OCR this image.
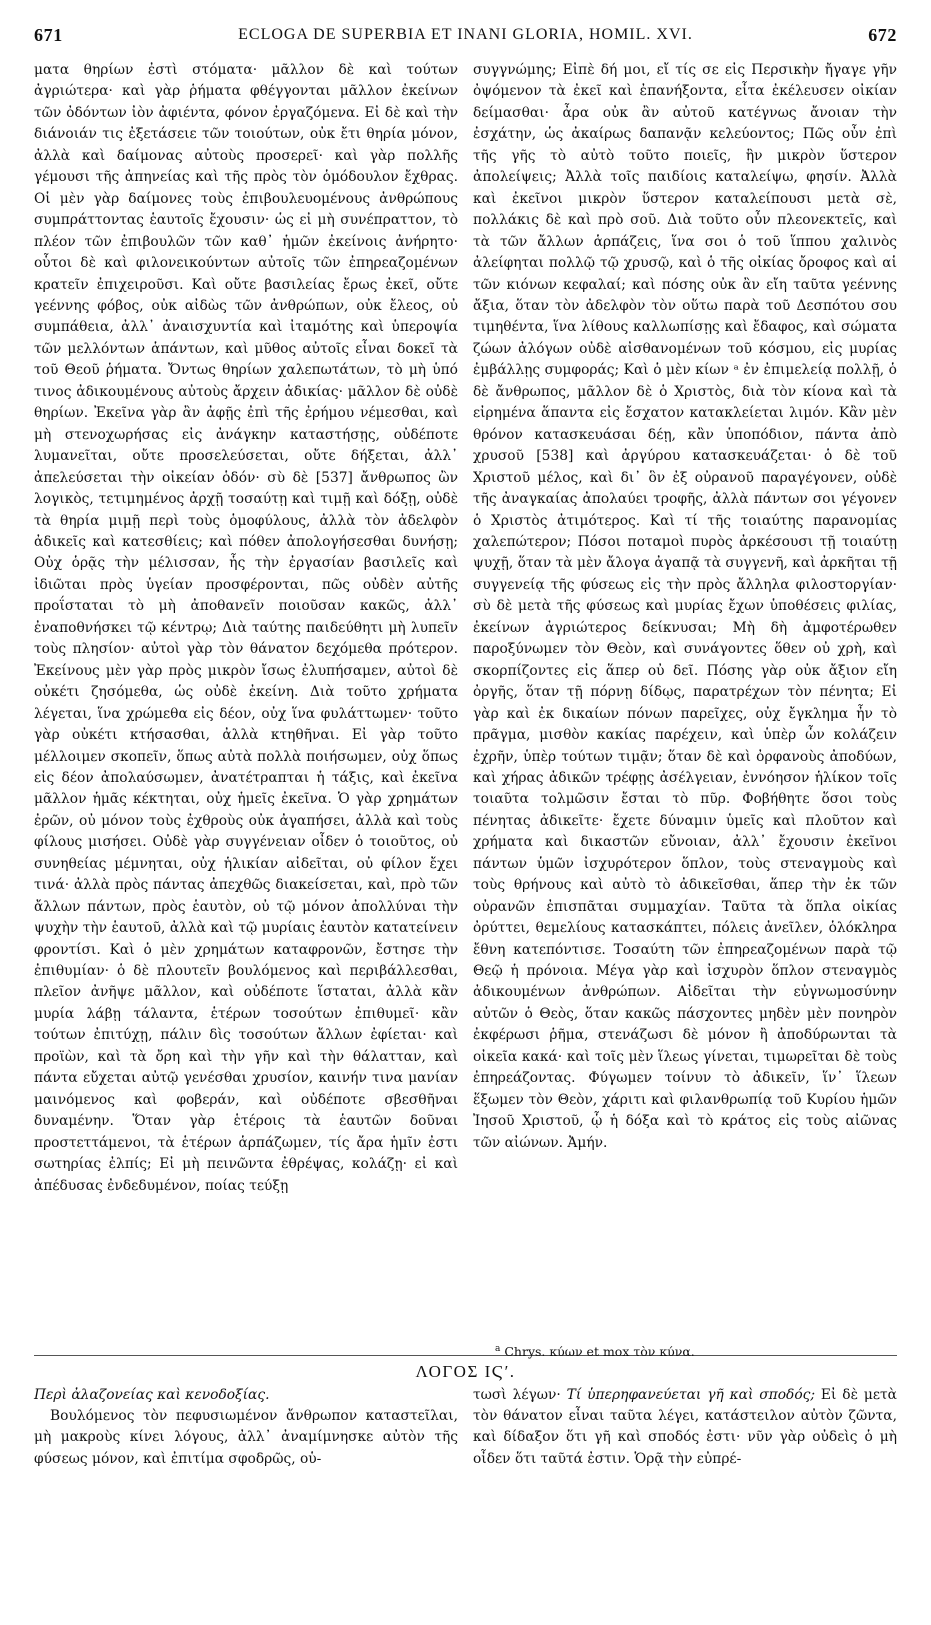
671	ECLOGA DE SUPERBIA ET INANI GLORIA, HOMIL. XVI.	672

ματα θηρίων ἐστὶ στόματα· μᾶλλον δὲ καὶ τούτων ἀγριώτερα· καὶ γὰρ ῥήματα φθέγγονται μᾶλλον ἐκείνων τῶν ὀδόντων ἰὸν ἀφιέντα, φόνον ἐργαζόμενα. Εἰ δὲ καὶ τὴν διάνοιάν τις ἐξετάσειε τῶν τοιούτων, οὐκ ἔτι θηρία μόνον, ἀλλὰ καὶ δαίμονας αὐτοὺς προσερεῖ· καὶ γὰρ πολλῆς γέμουσι τῆς ἀπηνείας καὶ τῆς πρὸς τὸν ὁμόδουλον ἔχθρας. Οἱ μὲν γὰρ δαίμονες τοὺς ἐπιβουλευομένους ἀνθρώπους συμπράττοντας ἑαυτοῖς ἔχουσιν· ὡς εἰ μὴ συνέπραττον, τὸ πλέον τῶν ἐπιβουλῶν τῶν καθ᾽ ἡμῶν ἐκείνοις ἀνήρητο· οὗτοι δὲ καὶ φιλονεικούντων αὐτοῖς τῶν ἐπηρεαζομένων κρατεῖν ἐπιχειροῦσι. Καὶ οὔτε βασιλείας ἔρως ἐκεῖ, οὔτε γεέννης φόβος, οὐκ αἰδὼς τῶν ἀνθρώπων, οὐκ ἔλεος, οὐ συμπάθεια, ἀλλ᾽ ἀναισχυντία καὶ ἰταμότης καὶ ὑπεροψία τῶν μελλόντων ἁπάντων, καὶ μῦθος αὐτοῖς εἶναι δοκεῖ τὰ τοῦ Θεοῦ ῥήματα. Ὄντως θηρίων χαλεπωτάτων, τὸ μὴ ὑπό τινος ἀδικουμένους αὐτοὺς ἄρχειν ἀδικίας· μᾶλλον δὲ οὐδὲ θηρίων. Ἐκεῖνα γὰρ ἂν ἀφῇς ἐπὶ τῆς ἐρήμου νέμεσθαι, καὶ μὴ στενοχωρήσας εἰς ἀνάγκην καταστήσῃς, οὐδέποτε λυμανεῖται, οὔτε προσελεύσεται, οὔτε δήξεται, ἀλλ᾽ ἀπελεύσεται τὴν οἰκείαν ὁδόν· σὺ δὲ [537] ἄνθρωπος ὢν λογικὸς, τετιμημένος ἀρχῇ τοσαύτῃ καὶ τιμῇ καὶ δόξῃ, οὐδὲ τὰ θηρία μιμῇ περὶ τοὺς ὁμοφύλους, ἀλλὰ τὸν ἀδελφὸν ἀδικεῖς καὶ κατεσθίεις; καὶ πόθεν ἀπολογήσεσθαι δυνήσῃ; Οὐχ ὁρᾷς τὴν μέλισσαν, ἧς τὴν ἐργασίαν βασιλεῖς καὶ ἰδιῶται πρὸς ὑγείαν προσφέρονται, πῶς οὐδὲν αὐτῆς προΐσταται τὸ μὴ ἀποθανεῖν ποιοῦσαν κακῶς, ἀλλ᾽ ἐναποθνήσκει τῷ κέντρῳ; Διὰ ταύτης παιδεύθητι μὴ λυπεῖν τοὺς πλησίον· αὐτοὶ γὰρ τὸν θάνατον δεχόμεθα πρότερον. Ἐκείνους μὲν γὰρ πρὸς μικρὸν ἴσως ἐλυπήσαμεν, αὐτοὶ δὲ οὐκέτι ζησόμεθα, ὡς οὐδὲ ἐκείνη. Διὰ τοῦτο χρήματα λέγεται, ἵνα χρώμεθα εἰς δέον, οὐχ ἵνα φυλάττωμεν· τοῦτο γὰρ οὐκέτι κτήσασθαι, ἀλλὰ κτηθῆναι. Εἰ γὰρ τοῦτο μέλλοιμεν σκοπεῖν, ὅπως αὐτὰ πολλὰ ποιήσωμεν, οὐχ ὅπως εἰς δέον ἀπολαύσωμεν, ἀνατέτραπται ἡ τάξις, καὶ ἐκεῖνα μᾶλλον ἡμᾶς κέκτηται, οὐχ ἡμεῖς ἐκεῖνα. Ὁ γὰρ χρημάτων ἐρῶν, οὐ μόνον τοὺς ἐχθροὺς οὐκ ἀγαπήσει, ἀλλὰ καὶ τοὺς φίλους μισήσει. Οὐδὲ γὰρ συγγένειαν οἶδεν ὁ τοιοῦτος, οὐ συνηθείας μέμνηται, οὐχ ἡλικίαν αἰδεῖται, οὐ φίλον ἔχει τινά· ἀλλὰ πρὸς πάντας ἀπεχθῶς διακείσεται, καὶ, πρὸ τῶν ἄλλων πάντων, πρὸς ἑαυτὸν, οὐ τῷ μόνον ἀπολλύναι τὴν ψυχὴν τὴν ἑαυτοῦ, ἀλλὰ καὶ τῷ μυρίαις ἑαυτὸν κατατείνειν φροντίσι. Καὶ ὁ μὲν χρημάτων καταφρονῶν, ἔστησε τὴν ἐπιθυμίαν· ὁ δὲ πλουτεῖν βουλόμενος καὶ περιβάλλεσθαι, πλεῖον ἀνῆψε μᾶλλον, καὶ οὐδέποτε ἵσταται, ἀλλὰ κἂν μυρία λάβῃ τάλαντα, ἑτέρων τοσούτων ἐπιθυμεῖ· κἂν τούτων ἐπιτύχῃ, πάλιν δὶς τοσούτων ἄλλων ἐφίεται· καὶ προϊὼν, καὶ τὰ ὄρη καὶ τὴν γῆν καὶ τὴν θάλατταν, καὶ πάντα εὔχεται αὐτῷ γενέσθαι χρυσίον, καινήν τινα μανίαν μαινόμενος καὶ φοβεράν, καὶ οὐδέποτε σβεσθῆναι δυναμένην. Ὅταν γὰρ ἑτέροις τὰ ἑαυτῶν δοῦναι προστεττάμενοι, τὰ ἑτέρων ἁρπάζωμεν, τίς ἄρα ἡμῖν ἐστι σωτηρίας ἐλπίς; Εἰ μὴ πεινῶντα ἐθρέψας, κολάζῃ· εἰ καὶ ἀπέδυσας ἐνδεδυμένον, ποίας τεύξῃ

συγγνώμης; Εἰπὲ δή μοι, εἴ τίς σε εἰς Περσικὴν ἤγαγε γῆν ὀψόμενον τὰ ἐκεῖ καὶ ἐπανήξοντα, εἶτα ἐκέλευσεν οἰκίαν δείμασθαι· ἆρα οὐκ ἂν αὐτοῦ κατέγνως ἄνοιαν τὴν ἐσχάτην, ὡς ἀκαίρως δαπανᾷν κελεύοντος; Πῶς οὖν ἐπὶ τῆς γῆς τὸ αὐτὸ τοῦτο ποιεῖς, ἣν μικρὸν ὕστερον ἀπολείψεις; Ἀλλὰ τοῖς παιδίοις καταλείψω, φησίν. Ἀλλὰ καὶ ἐκεῖνοι μικρὸν ὕστερον καταλείπουσι μετὰ σὲ, πολλάκις δὲ καὶ πρὸ σοῦ. Διὰ τοῦτο οὖν πλεονεκτεῖς, καὶ τὰ τῶν ἄλλων ἁρπάζεις, ἵνα σοι ὁ τοῦ ἵππου χαλινὸς ἀλείφηται πολλῷ τῷ χρυσῷ, καὶ ὁ τῆς οἰκίας ὄροφος καὶ αἱ τῶν κιόνων κεφαλαί; καὶ πόσης οὐκ ἂν εἴη ταῦτα γεέννης ἄξια, ὅταν τὸν ἀδελφὸν τὸν οὕτω παρὰ τοῦ Δεσπότου σου τιμηθέντα, ἵνα λίθους καλλωπίσῃς καὶ ἔδαφος, καὶ σώματα ζώων ἀλόγων οὐδὲ αἰσθανομένων τοῦ κόσμου, εἰς μυρίας ἐμβάλλῃς συμφοράς; Καὶ ὁ μὲν κίων ᵃ ἐν ἐπιμελείᾳ πολλῇ, ὁ δὲ ἄνθρωπος, μᾶλλον δὲ ὁ Χριστὸς, διὰ τὸν κίονα καὶ τὰ εἰρημένα ἅπαντα εἰς ἔσχατον κατακλείεται λιμόν. Κἂν μὲν θρόνον κατασκευάσαι δέῃ, κἂν ὑποπόδιον, πάντα ἀπὸ χρυσοῦ [538] καὶ ἀργύρου κατασκευάζεται· ὁ δὲ τοῦ Χριστοῦ μέλος, καὶ δι᾽ ὃν ἐξ οὐρανοῦ παραγέγονεν, οὐδὲ τῆς ἀναγκαίας ἀπολαύει τροφῆς, ἀλλὰ πάντων σοι γέγονεν ὁ Χριστὸς ἀτιμότερος. Καὶ τί τῆς τοιαύτης παρανομίας χαλεπώτερον; Πόσοι ποταμοὶ πυρὸς ἀρκέσουσι τῇ τοιαύτῃ ψυχῇ, ὅταν τὰ μὲν ἄλογα ἀγαπᾷ τὰ συγγενῆ, καὶ ἀρκῆται τῇ συγγενείᾳ τῆς φύσεως εἰς τὴν πρὸς ἄλληλα φιλοστοργίαν· σὺ δὲ μετὰ τῆς φύσεως καὶ μυρίας ἔχων ὑποθέσεις φιλίας, ἐκείνων ἀγριώτερος δείκνυσαι; Μὴ δὴ ἀμφοτέρωθεν παροξύνωμεν τὸν Θεὸν, καὶ συνάγοντες ὅθεν οὐ χρὴ, καὶ σκορπίζοντες εἰς ἅπερ οὐ δεῖ. Πόσης γὰρ οὐκ ἄξιον εἴη ὀργῆς, ὅταν τῇ πόρνῃ δίδῳς, παρατρέχων τὸν πένητα; Εἰ γὰρ καὶ ἐκ δικαίων πόνων παρεῖχες, οὐχ ἔγκλημα ἦν τὸ πρᾶγμα, μισθὸν κακίας παρέχειν, καὶ ὑπὲρ ὧν κολάζειν ἐχρῆν, ὑπὲρ τούτων τιμᾷν; ὅταν δὲ καὶ ὀρφανοὺς ἀποδύων, καὶ χήρας ἀδικῶν τρέφῃς ἀσέλγειαν, ἐννόησον ἡλίκον τοῖς τοιαῦτα τολμῶσιν ἔσται τὸ πῦρ. Φοβήθητε ὅσοι τοὺς πένητας ἀδικεῖτε· ἔχετε δύναμιν ὑμεῖς καὶ πλοῦτον καὶ χρήματα καὶ δικαστῶν εὔνοιαν, ἀλλ᾽ ἔχουσιν ἐκεῖνοι πάντων ὑμῶν ἰσχυρότερον ὅπλον, τοὺς στεναγμοὺς καὶ τοὺς θρήνους καὶ αὐτὸ τὸ ἀδικεῖσθαι, ἅπερ τὴν ἐκ τῶν οὐρανῶν ἐπισπᾶται συμμαχίαν. Ταῦτα τὰ ὅπλα οἰκίας ὀρύττει, θεμελίους κατασκάπτει, πόλεις ἀνεῖλεν, ὁλόκληρα ἔθνη κατεπόντισε. Τοσαύτη τῶν ἐπηρεαζομένων παρὰ τῷ Θεῷ ἡ πρόνοια. Μέγα γὰρ καὶ ἰσχυρὸν ὅπλον στεναγμὸς ἀδικουμένων ἀνθρώπων. Αἰδεῖται τὴν εὐγνωμοσύνην αὐτῶν ὁ Θεὸς, ὅταν κακῶς πάσχοντες μηδὲν μὲν πονηρὸν ἐκφέρωσι ῥῆμα, στενάζωσι δὲ μόνον ἢ ἀποδύρωνται τὰ οἰκεῖα κακά· καὶ τοῖς μὲν ἵλεως γίνεται, τιμωρεῖται δὲ τοὺς ἐπηρεάζοντας. Φύγωμεν τοίνυν τὸ ἀδικεῖν, ἵν᾽ ἵλεων ἕξωμεν τὸν Θεὸν, χάριτι καὶ φιλανθρωπίᾳ τοῦ Κυρίου ἡμῶν Ἰησοῦ Χριστοῦ, ᾧ ἡ δόξα καὶ τὸ κράτος εἰς τοὺς αἰῶνας τῶν αἰώνων. Ἀμήν.

$^a$ Chrys. κύων et mox τὸν κύνα.
ΛΟΓΟΣ ΙϚʹ.

Περὶ ἀλαζονείας καὶ κενοδοξίας.

Βουλόμενος τὸν πεφυσιωμένον ἄνθρωπον καταστεῖλαι, μὴ μακροὺς κίνει λόγους, ἀλλ᾽ ἀναμίμνησκε αὐτὸν τῆς φύσεως μόνον, καὶ ἐπιτίμα σφοδρῶς, οὑ-

τωσὶ λέγων· Τί ὑπερηφανεύεται γῆ καὶ σποδός; Εἰ δὲ μετὰ τὸν θάνατον εἶναι ταῦτα λέγει, κατάστειλον αὐτὸν ζῶντα, καὶ δίδαξον ὅτι γῆ καὶ σποδός ἐστι· νῦν γὰρ οὐδεὶς ὁ μὴ οἶδεν ὅτι ταῦτά ἐστιν. Ὁρᾷ τὴν εὐπρέ-
